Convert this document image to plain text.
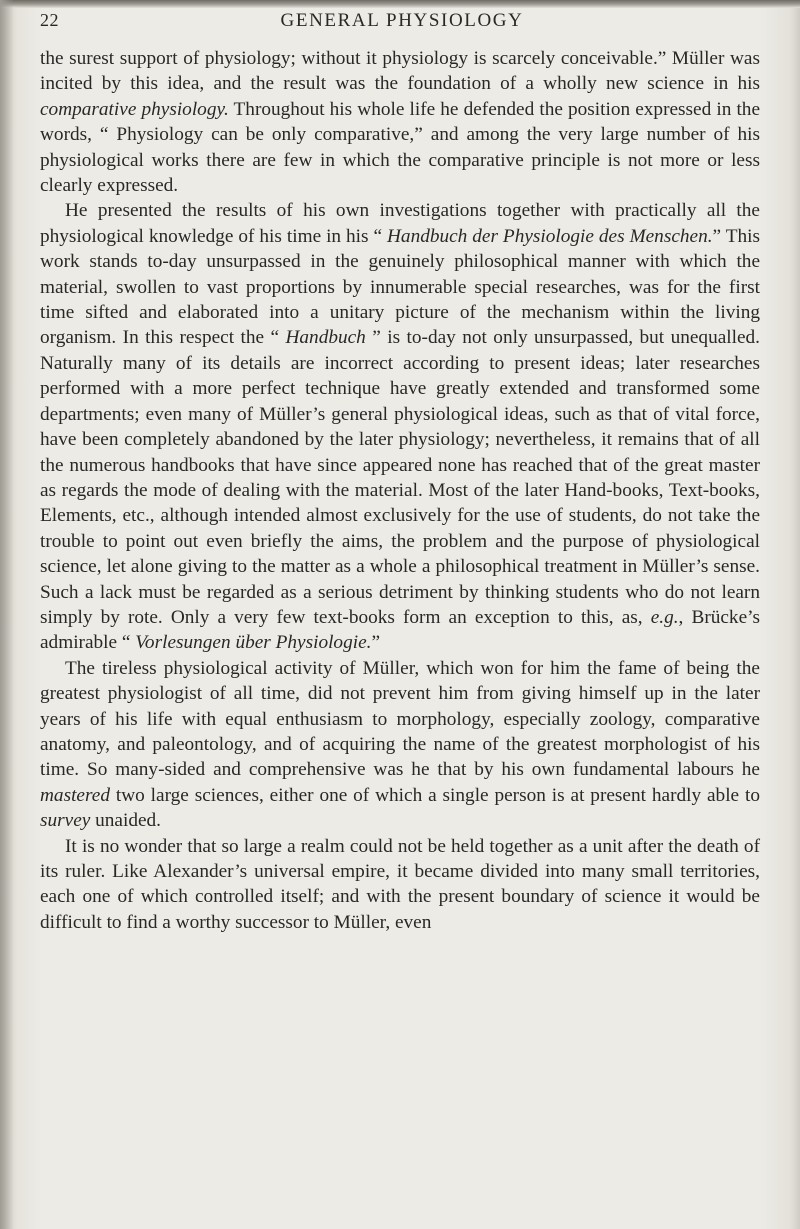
22	GENERAL PHYSIOLOGY

the surest support of physiology; without it physiology is scarcely conceivable.” Müller was incited by this idea, and the result was the foundation of a wholly new science in his comparative physiology. Throughout his whole life he defended the position expressed in the words, “ Physiology can be only comparative,” and among the very large number of his physiological works there are few in which the comparative principle is not more or less clearly expressed.

He presented the results of his own investigations together with practically all the physiological knowledge of his time in his “ Handbuch der Physiologie des Menschen.” This work stands to-day unsurpassed in the genuinely philosophical manner with which the material, swollen to vast proportions by innumerable special researches, was for the first time sifted and elaborated into a unitary picture of the mechanism within the living organism. In this respect the “ Handbuch ” is to-day not only unsurpassed, but unequalled. Naturally many of its details are incorrect according to present ideas; later researches performed with a more perfect technique have greatly extended and transformed some departments; even many of Müller’s general physiological ideas, such as that of vital force, have been completely abandoned by the later physiology; nevertheless, it remains that of all the numerous handbooks that have since appeared none has reached that of the great master as regards the mode of dealing with the material. Most of the later Hand-books, Text-books, Elements, etc., although intended almost exclusively for the use of students, do not take the trouble to point out even briefly the aims, the problem and the purpose of physiological science, let alone giving to the matter as a whole a philosophical treatment in Müller’s sense. Such a lack must be regarded as a serious detriment by thinking students who do not learn simply by rote. Only a very few text-books form an exception to this, as, e.g., Brücke’s admirable “ Vorlesungen über Physiologie.”

The tireless physiological activity of Müller, which won for him the fame of being the greatest physiologist of all time, did not prevent him from giving himself up in the later years of his life with equal enthusiasm to morphology, especially zoology, comparative anatomy, and paleontology, and of acquiring the name of the greatest morphologist of his time. So many-sided and comprehensive was he that by his own fundamental labours he mastered two large sciences, either one of which a single person is at present hardly able to survey unaided.

It is no wonder that so large a realm could not be held together as a unit after the death of its ruler. Like Alexander’s universal empire, it became divided into many small territories, each one of which controlled itself; and with the present boundary of science it would be difficult to find a worthy successor to Müller, even
